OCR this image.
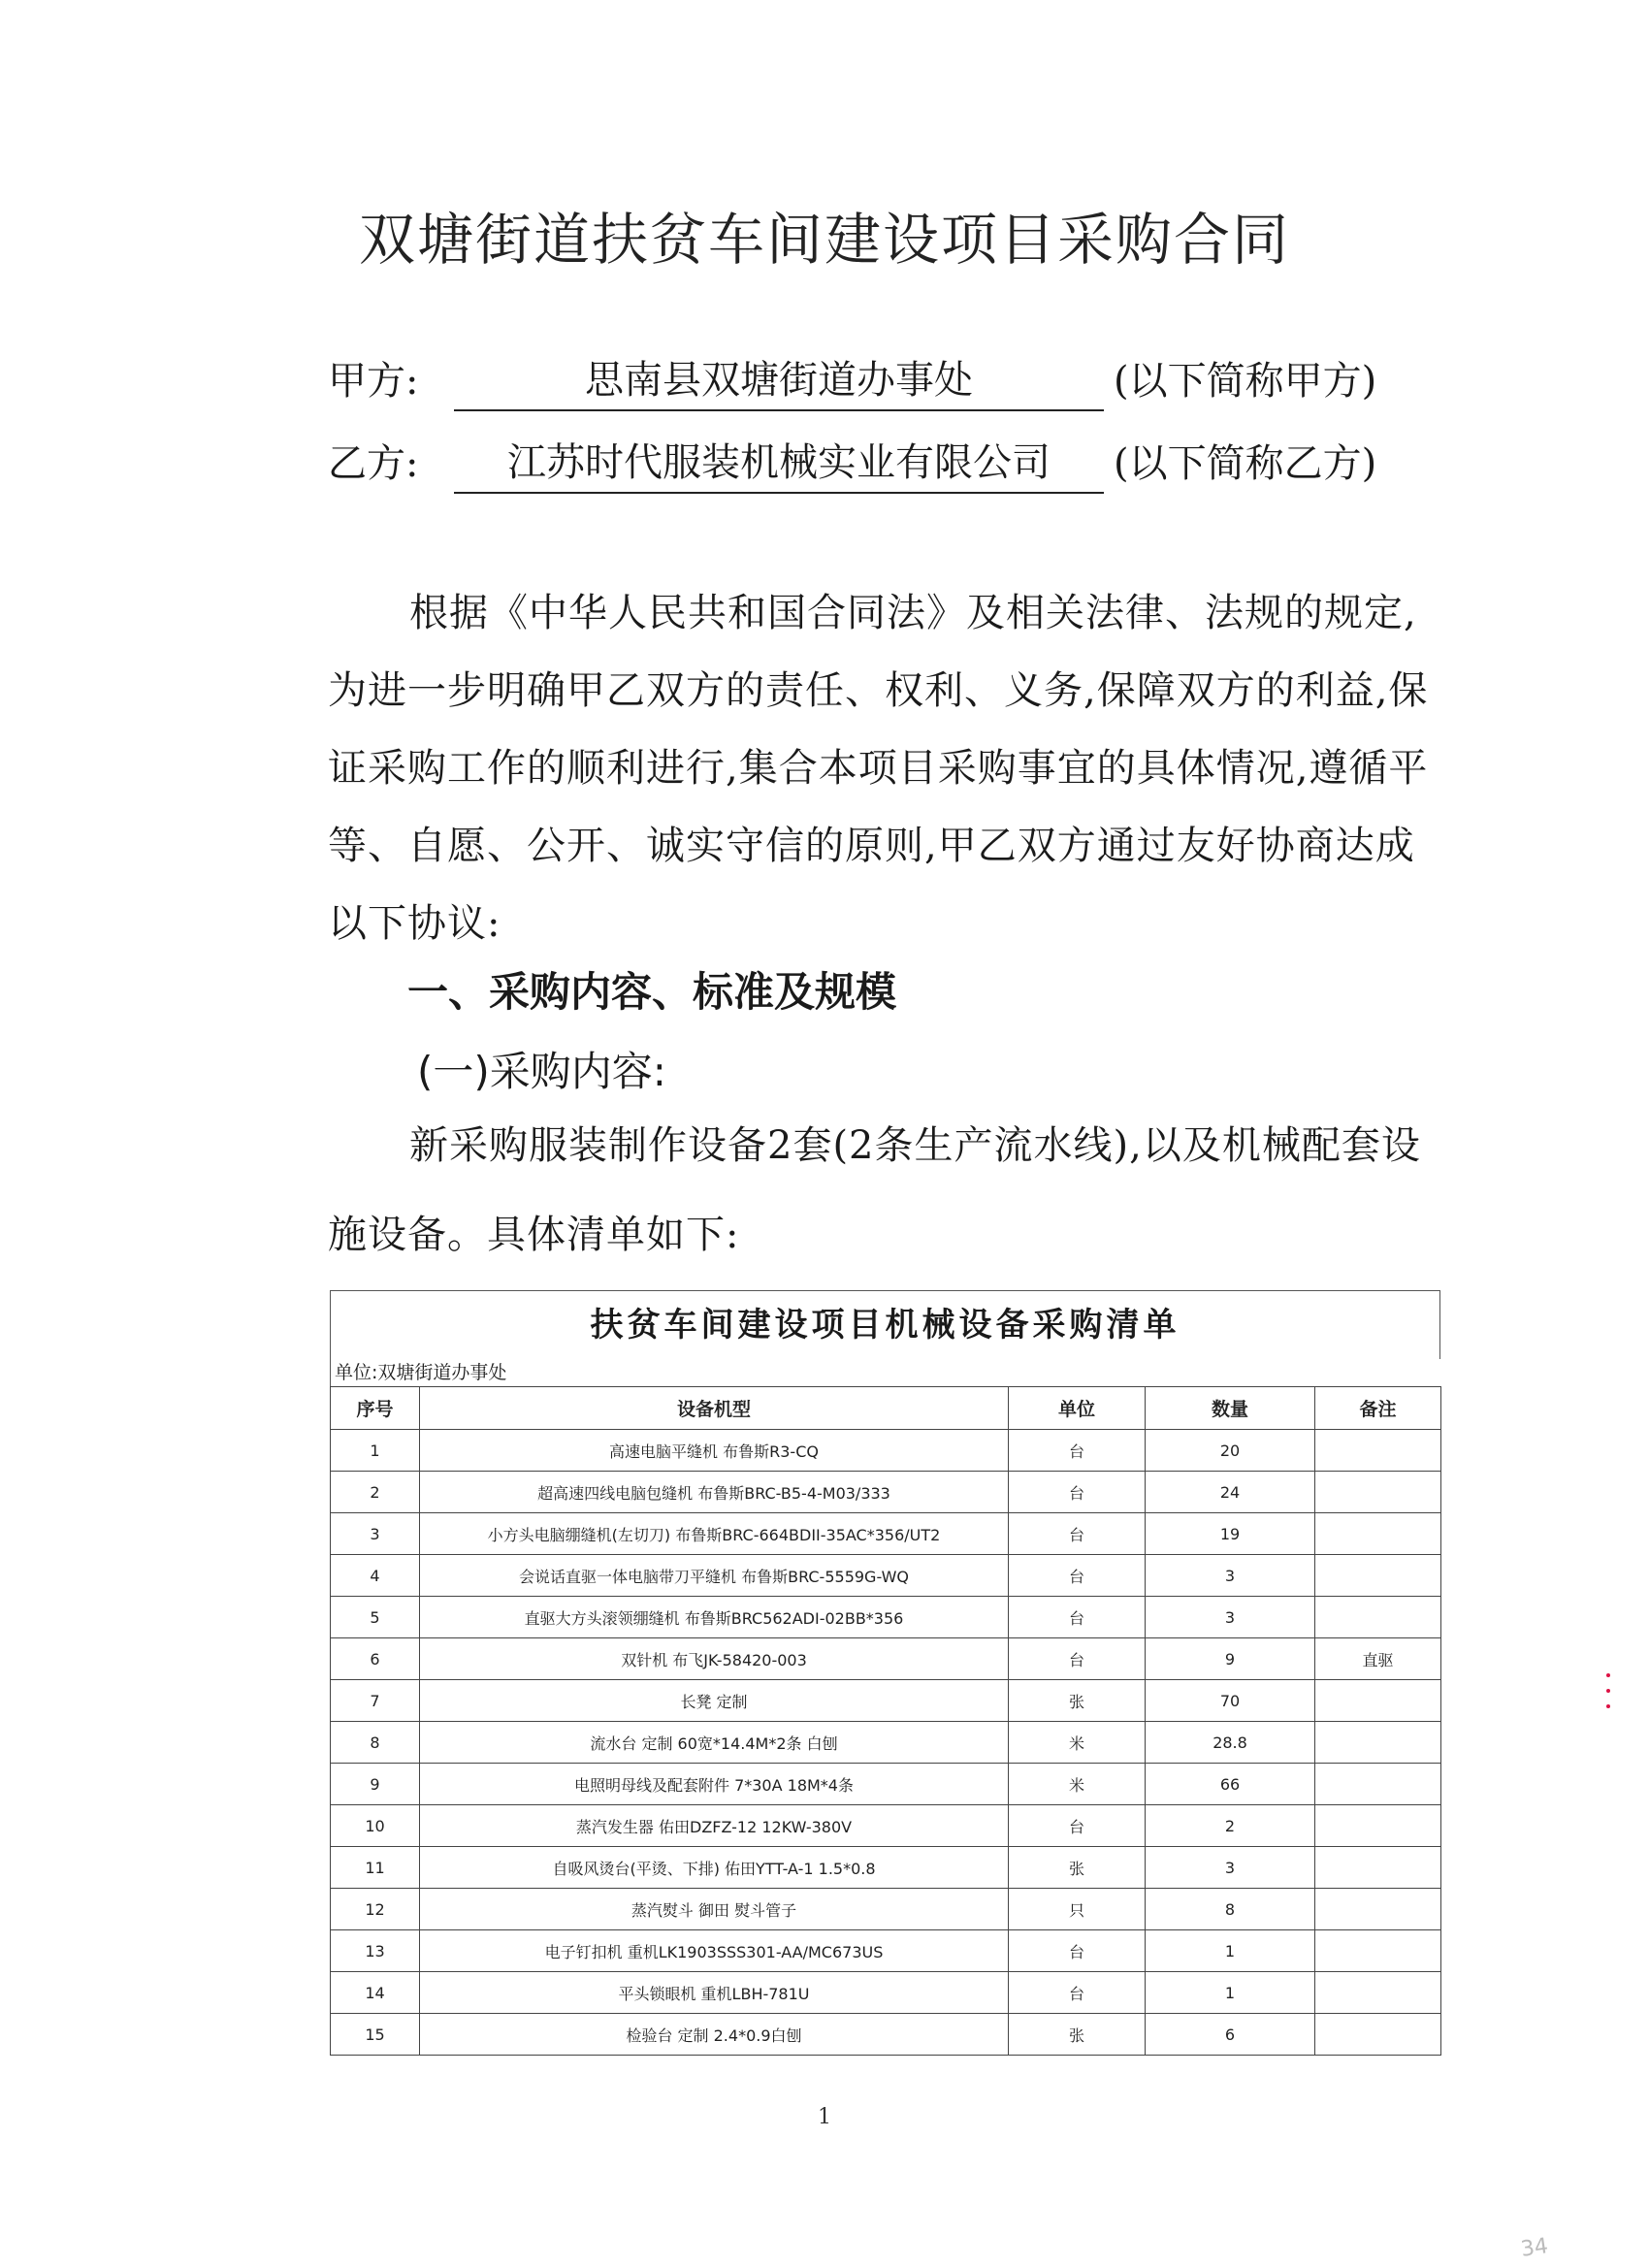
双塘街道扶贫车间建设项目采购合同
甲方:	思南县双塘街道办事处	(以下简称甲方)
乙方:	江苏时代服装机械实业有限公司	(以下简称乙方)
根据《中华人民共和国合同法》及相关法律、法规的规定,为进一步明确甲乙双方的责任、权利、义务,保障双方的利益,保证采购工作的顺利进行,集合本项目采购事宜的具体情况,遵循平等、自愿、公开、诚实守信的原则,甲乙双方通过友好协商达成以下协议:
一、采购内容、标准及规模
(一)采购内容:
新采购服装制作设备2套(2条生产流水线),以及机械配套设施设备。具体清单如下:
扶贫车间建设项目机械设备采购清单
单位:双塘街道办事处
序号	设备机型	单位	数量	备注
1	高速电脑平缝机 布鲁斯R3-CQ	台	20	
2	超高速四线电脑包缝机 布鲁斯BRC-B5-4-M03/333	台	24	
3	小方头电脑绷缝机(左切刀) 布鲁斯BRC-664BDII-35AC*356/UT2	台	19	
4	会说话直驱一体电脑带刀平缝机 布鲁斯BRC-5559G-WQ	台	3	
5	直驱大方头滚领绷缝机 布鲁斯BRC562ADI-02BB*356	台	3	
6	双针机 布飞JK-58420-003	台	9	直驱
7	长凳 定制	张	70	
8	流水台 定制 60宽*14.4M*2条 白刨	米	28.8	
9	电照明母线及配套附件 7*30A 18M*4条	米	66	
10	蒸汽发生器 佑田DZFZ-12 12KW-380V	台	2	
11	自吸风烫台(平烫、下排) 佑田YTT-A-1 1.5*0.8	张	3	
12	蒸汽熨斗 御田 熨斗管子	只	8	
13	电子钉扣机 重机LK1903SSS301-AA/MC673US	台	1	
14	平头锁眼机 重机LBH-781U	台	1	
15	检验台 定制 2.4*0.9白刨	张	6	
1
34
